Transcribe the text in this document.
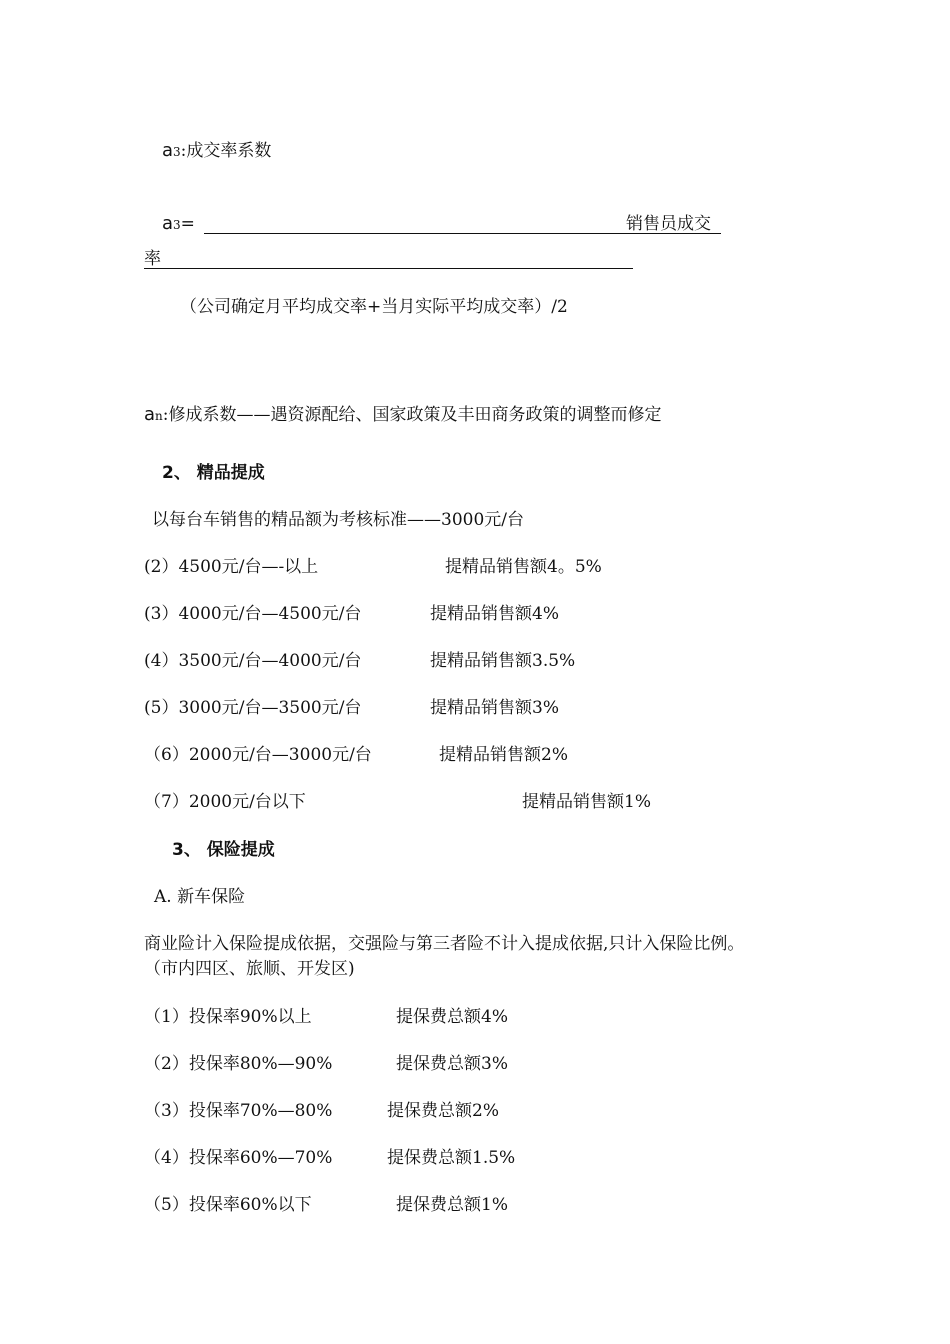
a3:成交率系数
a3=	销售员成交
率
（公司确定月平均成交率+当月实际平均成交率）/2
an:修成系数——遇资源配给、国家政策及丰田商务政策的调整而修定
2、 精品提成
以每台车销售的精品额为考核标准——3000元/台
(2）4500元/台—-以上	提精品销售额4。5%
(3）4000元/台—4500元/台	提精品销售额4%
(4）3500元/台—4000元/台	提精品销售额3.5%
(5）3000元/台—3500元/台	提精品销售额3%
（6）2000元/台—3000元/台	提精品销售额2%
（7）2000元/台以下	提精品销售额1%
3、 保险提成
A. 新车保险
商业险计入保险提成依据，交强险与第三者险不计入提成依据,只计入保险比例。
（市内四区、旅顺、开发区)
（1）投保率90%以上	提保费总额4%
（2）投保率80%—90%	提保费总额3%
（3）投保率70%—80%	提保费总额2%
（4）投保率60%—70%	提保费总额1.5%
（5）投保率60%以下	提保费总额1%
